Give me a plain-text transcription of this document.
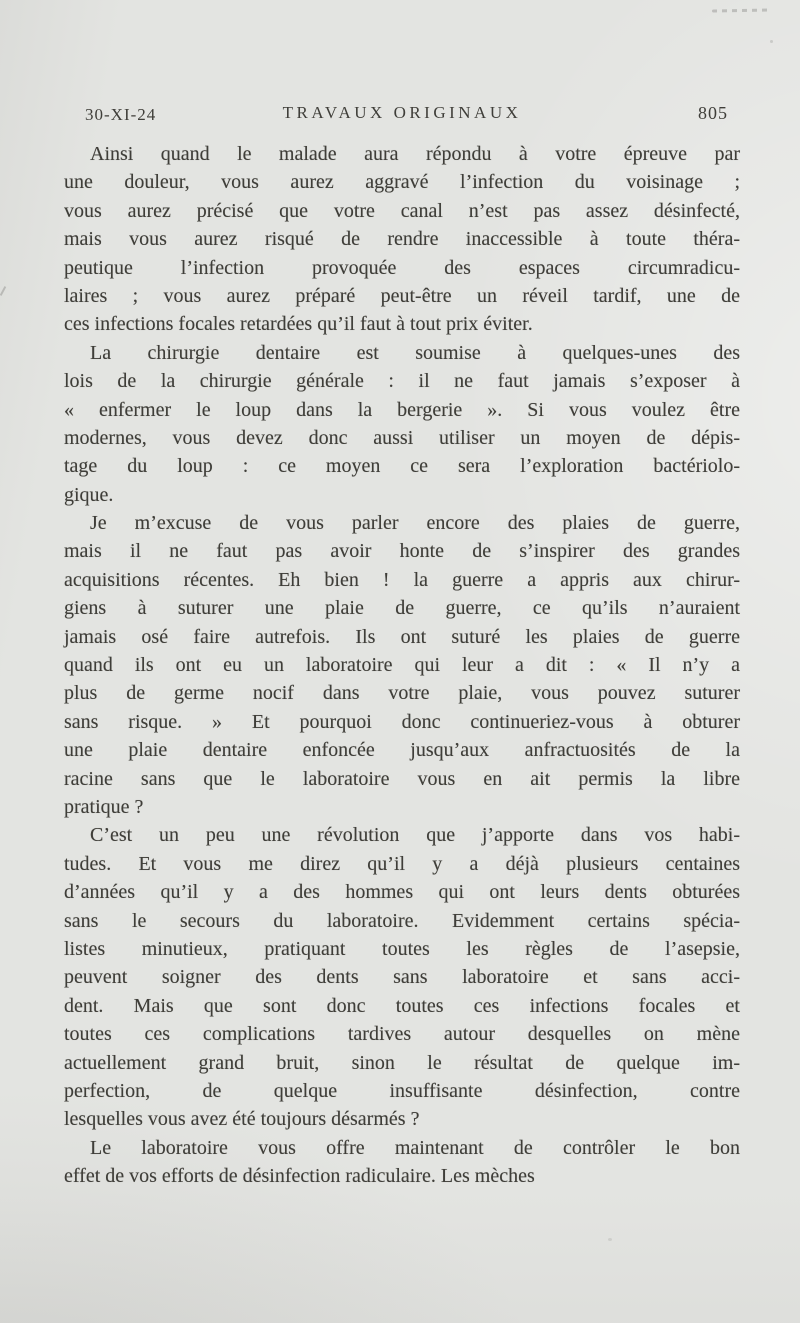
30-XI-24	TRAVAUX ORIGINAUX	805
Ainsi quand le malade aura répondu à votre épreuve par
une douleur, vous aurez aggravé l’infection du voisinage ;
vous aurez précisé que votre canal n’est pas assez désinfecté,
mais vous aurez risqué de rendre inaccessible à toute théra-
peutique l’infection provoquée des espaces circumradicu-
laires ; vous aurez préparé peut-être un réveil tardif, une de
ces infections focales retardées qu’il faut à tout prix éviter.
La chirurgie dentaire est soumise à quelques-unes des
lois de la chirurgie générale : il ne faut jamais s’exposer à
« enfermer le loup dans la bergerie ». Si vous voulez être
modernes, vous devez donc aussi utiliser un moyen de dépis-
tage du loup : ce moyen ce sera l’exploration bactériolo-
gique.
Je m’excuse de vous parler encore des plaies de guerre,
mais il ne faut pas avoir honte de s’inspirer des grandes
acquisitions récentes. Eh bien ! la guerre a appris aux chirur-
giens à suturer une plaie de guerre, ce qu’ils n’auraient
jamais osé faire autrefois. Ils ont suturé les plaies de guerre
quand ils ont eu un laboratoire qui leur a dit : « Il n’y a
plus de germe nocif dans votre plaie, vous pouvez suturer
sans risque. » Et pourquoi donc continueriez-vous à obturer
une plaie dentaire enfoncée jusqu’aux anfractuosités de la
racine sans que le laboratoire vous en ait permis la libre
pratique ?
C’est un peu une révolution que j’apporte dans vos habi-
tudes. Et vous me direz qu’il y a déjà plusieurs centaines
d’années qu’il y a des hommes qui ont leurs dents obturées
sans le secours du laboratoire. Evidemment certains spécia-
listes minutieux, pratiquant toutes les règles de l’asepsie,
peuvent soigner des dents sans laboratoire et sans acci-
dent. Mais que sont donc toutes ces infections focales et
toutes ces complications tardives autour desquelles on mène
actuellement grand bruit, sinon le résultat de quelque im-
perfection, de quelque insuffisante désinfection, contre
lesquelles vous avez été toujours désarmés ?
Le laboratoire vous offre maintenant de contrôler le bon
effet de vos efforts de désinfection radiculaire. Les mèches
